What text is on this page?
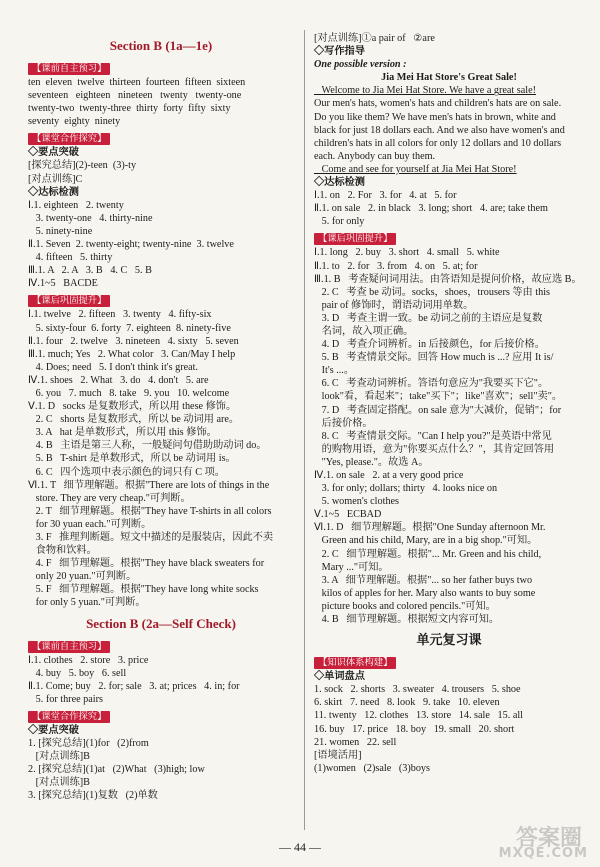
Section B (1a—1e)
【课前自主预习】
ten  eleven  twelve  thirteen  fourteen  fifteen  sixteen
seventeen   eighteen   nineteen   twenty   twenty-one
twenty-two  twenty-three  thirty  forty  fifty  sixty
seventy  eighty  ninety
【课堂合作探究】
◇要点突破
[探究总结](2)-teen  (3)-ty
[对点训练]C
◇达标检测
Ⅰ.1. eighteen   2. twenty
3. twenty-one   4. thirty-nine
5. ninety-nine
Ⅱ.1. Seven  2. twenty-eight; twenty-nine  3. twelve
4. fifteen   5. thirty
Ⅲ.1. A   2. A   3. B   4. C   5. B
Ⅳ.1~5   BACDE
【课后巩固提升】
Ⅰ.1. twelve   2. fifteen   3. twenty   4. fifty-six
5. sixty-four  6. forty  7. eighteen  8. ninety-five
Ⅱ.1. four   2. twelve   3. nineteen   4. sixty   5. seven
Ⅲ.1. much; Yes   2. What color   3. Can/May I help
4. Does; need   5. I don't think it's great.
Ⅳ.1. shoes   2. What   3. do   4. don't   5. are
6. you   7. much   8. take   9. you   10. welcome
Ⅴ.1. D   socks 是复数形式，所以用 these 修饰。
2. C   shorts 是复数形式，所以 be 动词用 are。
3. A   hat 是单数形式，所以用 this 修饰。
4. B   主语是第三人称，一般疑问句借助助动词 do。
5. B   T-shirt 是单数形式，所以 be 动词用 is。
6. C   四个选项中表示颜色的词只有 C 项。
Ⅵ.1. T   细节理解题。根据"There are lots of things in the
store. They are very cheap."可判断。
2. T   细节理解题。根据"They have T-shirts in all colors
for 30 yuan each."可判断。
3. F   推理判断题。短文中描述的是服装店，因此不卖
食物和饮料。
4. F   细节理解题。根据"They have black sweaters for
only 20 yuan."可判断。
5. F   细节理解题。根据"They have long white socks
for only 5 yuan."可判断。
Section B (2a—Self Check)
【课前自主预习】
Ⅰ.1. clothes   2. store   3. price
4. buy   5. boy   6. sell
Ⅱ.1. Come; buy   2. for; sale   3. at; prices   4. in; for
5. for three pairs
【课堂合作探究】
◇要点突破
1. [探究总结](1)for   (2)from
[对点训练]B
2. [探究总结](1)at   (2)What   (3)high; low
[对点训练]B
3. [探究总结](1)复数   (2)单数
[对点训练]①a pair of   ②are
◇写作指导
One possible version :
Jia Mei Hat Store's Great Sale!
Welcome to Jia Mei Hat Store. We have a great sale!
Our men's hats, women's hats and children's hats are on sale.
Do you like them? We have men's hats in brown, white and
black for just 18 dollars each. And we also have women's and
children's hats in all colors for only 12 dollars and 10 dollars
each. Anybody can buy them.
Come and see for yourself at Jia Mei Hat Store!
◇达标检测
Ⅰ.1. on   2. For   3. for   4. at   5. for
Ⅱ.1. on sale   2. in black   3. long; short   4. are; take them
5. for only
【课后巩固提升】
Ⅰ.1. long   2. buy   3. short   4. small   5. white
Ⅱ.1. to   2. for   3. from   4. on   5. at; for
Ⅲ.1. B   考查疑问词用法。由答语知是提问价格，故应选 B。
2. C   考查 be 动词。socks，shoes，trousers 等由 this
pair of 修饰时，谓语动词用单数。
3. D   考查主谓一致。be 动词之前的主语应是复数
名词，故入项正确。
4. D   考查介词辨析。in 后接颜色，for 后接价格。
5. B   考查情景交际。回答 How much is ...? 应用 It is/
It's ...。
6. C   考查动词辨析。答语句意应为"我要买下它"。
look"看，看起来"；take"买下"；like"喜欢"；sell"卖"。
7. D   考查固定搭配。on sale 意为"大减价，促销"；for
后接价格。
8. C   考查情景交际。"Can I help you?"是英语中常见
的购物用语，意为"你要买点什么？"，其肯定回答用
"Yes, please."。故选 A。
Ⅳ.1. on sale   2. at a very good price
3. for only; dollars; thirty   4. looks nice on
5. women's clothes
Ⅴ.1~5   ECBAD
Ⅵ.1. D   细节理解题。根据"One Sunday afternoon Mr.
Green and his child, Mary, are in a big shop."可知。
2. C   细节理解题。根据"... Mr. Green and his child,
Mary ..."可知。
3. A   细节理解题。根据"... so her father buys two
kilos of apples for her. Mary also wants to buy some
picture books and colored pencils."可知。
4. B   细节理解题。根据短文内容可知。
单元复习课
【知识体系构建】
◇单词盘点
1. sock   2. shorts   3. sweater   4. trousers   5. shoe
6. skirt   7. need   8. look   9. take   10. eleven
11. twenty   12. clothes   13. store   14. sale   15. all
16. buy   17. price   18. boy   19. small   20. short
21. women   22. sell
[语境活用]
(1)women   (2)sale   (3)boys
— 44 —	答案圈
MXQE.COM
